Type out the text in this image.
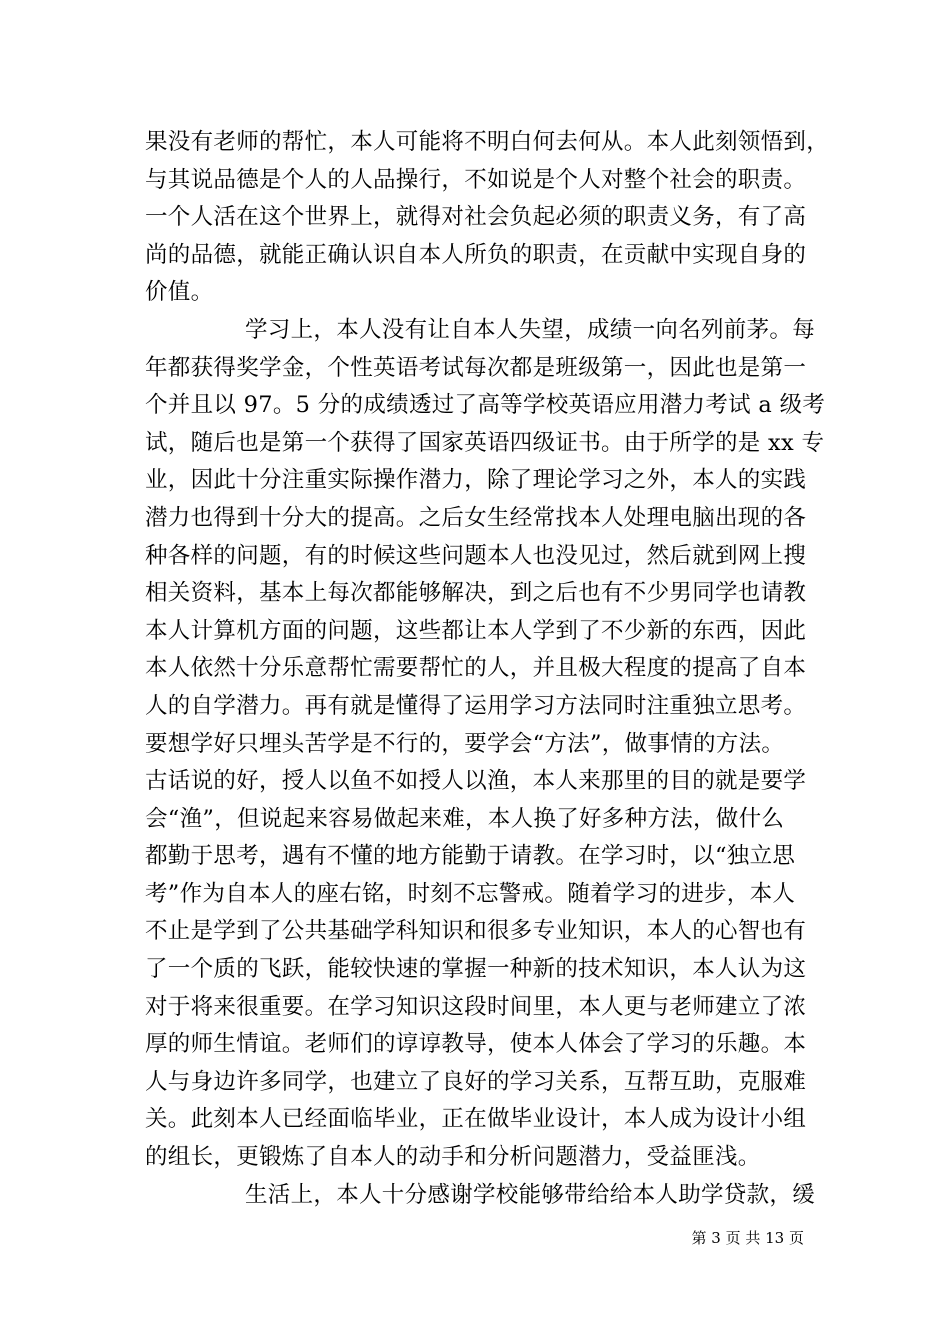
果没有老师的帮忙，本人可能将不明白何去何从。本人此刻领悟到，
与其说品德是个人的人品操行，不如说是个人对整个社会的职责。
一个人活在这个世界上，就得对社会负起必须的职责义务，有了高
尚的品德，就能正确认识自本人所负的职责，在贡献中实现自身的
价值。
学习上，本人没有让自本人失望，成绩一向名列前茅。每
年都获得奖学金，个性英语考试每次都是班级第一，因此也是第一
个并且以 97。5 分的成绩透过了高等学校英语应用潜力考试 a 级考
试，随后也是第一个获得了国家英语四级证书。由于所学的是 xx 专
业，因此十分注重实际操作潜力，除了理论学习之外，本人的实践
潜力也得到十分大的提高。之后女生经常找本人处理电脑出现的各
种各样的问题，有的时候这些问题本人也没见过，然后就到网上搜
相关资料，基本上每次都能够解决，到之后也有不少男同学也请教
本人计算机方面的问题，这些都让本人学到了不少新的东西，因此
本人依然十分乐意帮忙需要帮忙的人，并且极大程度的提高了自本
人的自学潜力。再有就是懂得了运用学习方法同时注重独立思考。
要想学好只埋头苦学是不行的，要学会“方法”，做事情的方法。
古话说的好，授人以鱼不如授人以渔，本人来那里的目的就是要学
会“渔”，但说起来容易做起来难，本人换了好多种方法，做什么
都勤于思考，遇有不懂的地方能勤于请教。在学习时，以“独立思
考”作为自本人的座右铭，时刻不忘警戒。随着学习的进步，本人
不止是学到了公共基础学科知识和很多专业知识，本人的心智也有
了一个质的飞跃，能较快速的掌握一种新的技术知识，本人认为这
对于将来很重要。在学习知识这段时间里，本人更与老师建立了浓
厚的师生情谊。老师们的谆谆教导，使本人体会了学习的乐趣。本
人与身边许多同学，也建立了良好的学习关系，互帮互助，克服难
关。此刻本人已经面临毕业，正在做毕业设计，本人成为设计小组
的组长，更锻炼了自本人的动手和分析问题潜力，受益匪浅。
生活上，本人十分感谢学校能够带给给本人助学贷款，缓
第 3 页 共 13 页
